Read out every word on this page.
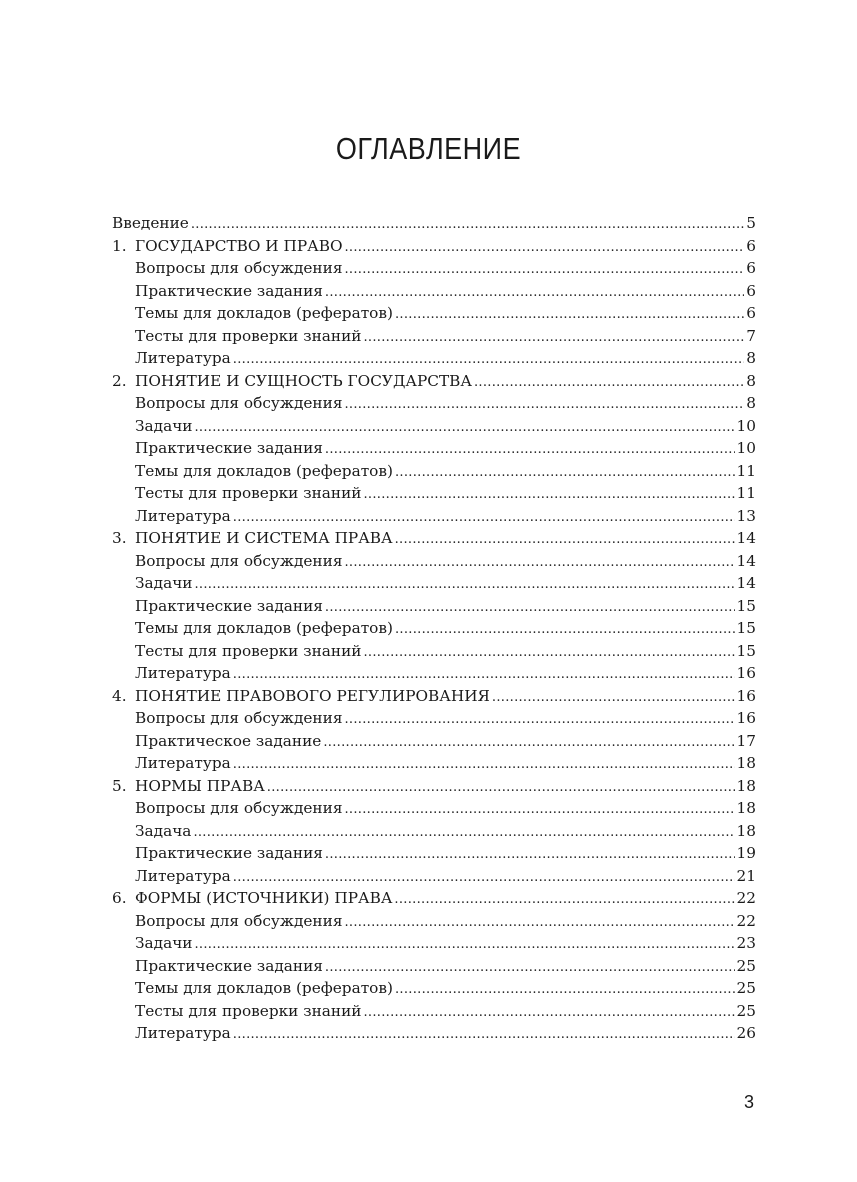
ОГЛАВЛЕНИЕ
Введение .....	5
1. ГОСУДАРСТВО И ПРАВО .....	6
Вопросы для обсуждения .....	6
Практические задания .....	6
Темы для докладов (рефератов) .....	6
Тесты для проверки знаний .....	7
Литература .....	8
2. ПОНЯТИЕ И СУЩНОСТЬ ГОСУДАРСТВА .....	8
Вопросы для обсуждения .....	8
Задачи .....	10
Практические задания .....	10
Темы для докладов (рефератов) .....	11
Тесты для проверки знаний .....	11
Литература .....	13
3. ПОНЯТИЕ И СИСТЕМА ПРАВА .....	14
Вопросы для обсуждения .....	14
Задачи .....	14
Практические задания .....	15
Темы для докладов (рефератов) .....	15
Тесты для проверки знаний .....	15
Литература .....	16
4. ПОНЯТИЕ ПРАВОВОГО РЕГУЛИРОВАНИЯ .....	16
Вопросы для обсуждения .....	16
Практическое задание .....	17
Литература .....	18
5. НОРМЫ ПРАВА .....	18
Вопросы для обсуждения .....	18
Задача .....	18
Практические задания .....	19
Литература .....	21
6. ФОРМЫ (ИСТОЧНИКИ) ПРАВА .....	22
Вопросы для обсуждения .....	22
Задачи .....	23
Практические задания .....	25
Темы для докладов (рефератов) .....	25
Тесты для проверки знаний .....	25
Литература .....	26
3
